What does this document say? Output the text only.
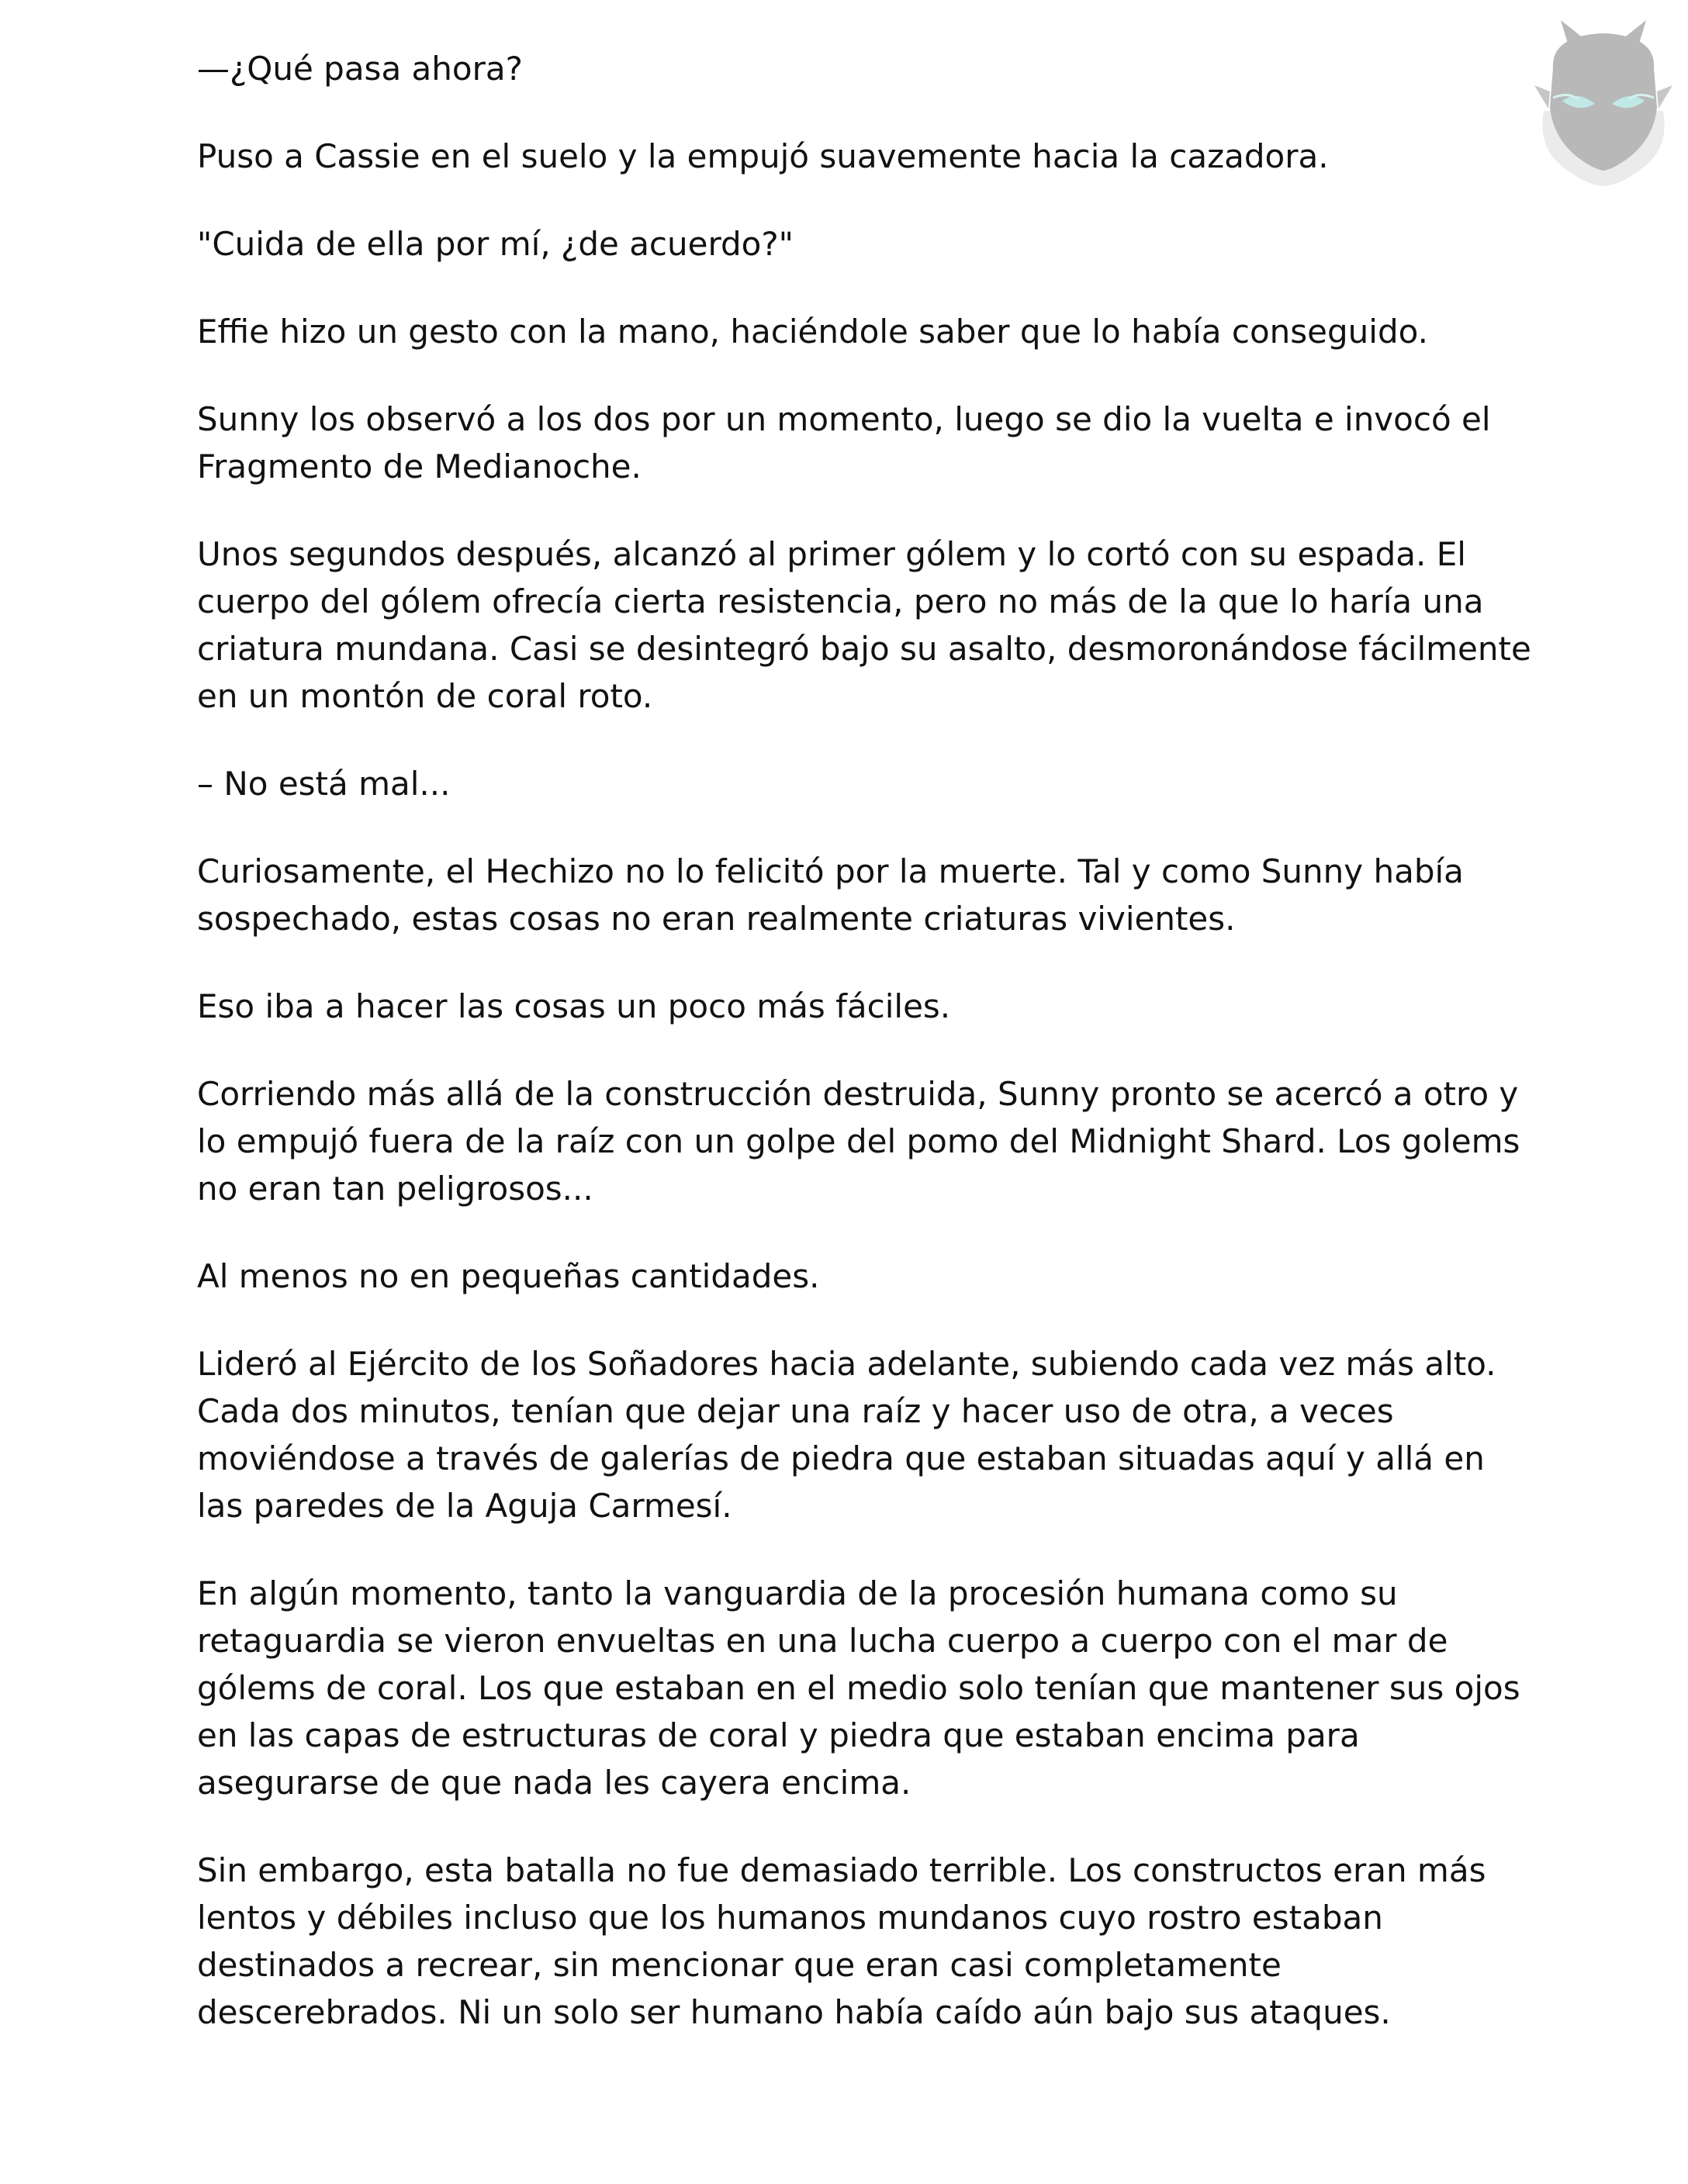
—¿Qué pasa ahora?

Puso a Cassie en el suelo y la empujó suavemente hacia la cazadora.

"Cuida de ella por mí, ¿de acuerdo?"

Effie hizo un gesto con la mano, haciéndole saber que lo había conseguido.

Sunny los observó a los dos por un momento, luego se dio la vuelta e invocó el Fragmento de Medianoche.

Unos segundos después, alcanzó al primer gólem y lo cortó con su espada. El cuerpo del gólem ofrecía cierta resistencia, pero no más de la que lo haría una criatura mundana. Casi se desintegró bajo su asalto, desmoronándose fácilmente en un montón de coral roto.

– No está mal...

Curiosamente, el Hechizo no lo felicitó por la muerte. Tal y como Sunny había sospechado, estas cosas no eran realmente criaturas vivientes.

Eso iba a hacer las cosas un poco más fáciles.

Corriendo más allá de la construcción destruida, Sunny pronto se acercó a otro y lo empujó fuera de la raíz con un golpe del pomo del Midnight Shard. Los golems no eran tan peligrosos...

Al menos no en pequeñas cantidades.

Lideró al Ejército de los Soñadores hacia adelante, subiendo cada vez más alto. Cada dos minutos, tenían que dejar una raíz y hacer uso de otra, a veces moviéndose a través de galerías de piedra que estaban situadas aquí y allá en las paredes de la Aguja Carmesí.

En algún momento, tanto la vanguardia de la procesión humana como su retaguardia se vieron envueltas en una lucha cuerpo a cuerpo con el mar de gólems de coral. Los que estaban en el medio solo tenían que mantener sus ojos en las capas de estructuras de coral y piedra que estaban encima para asegurarse de que nada les cayera encima.

Sin embargo, esta batalla no fue demasiado terrible. Los constructos eran más lentos y débiles incluso que los humanos mundanos cuyo rostro estaban destinados a recrear, sin mencionar que eran casi completamente descerebrados. Ni un solo ser humano había caído aún bajo sus ataques.
